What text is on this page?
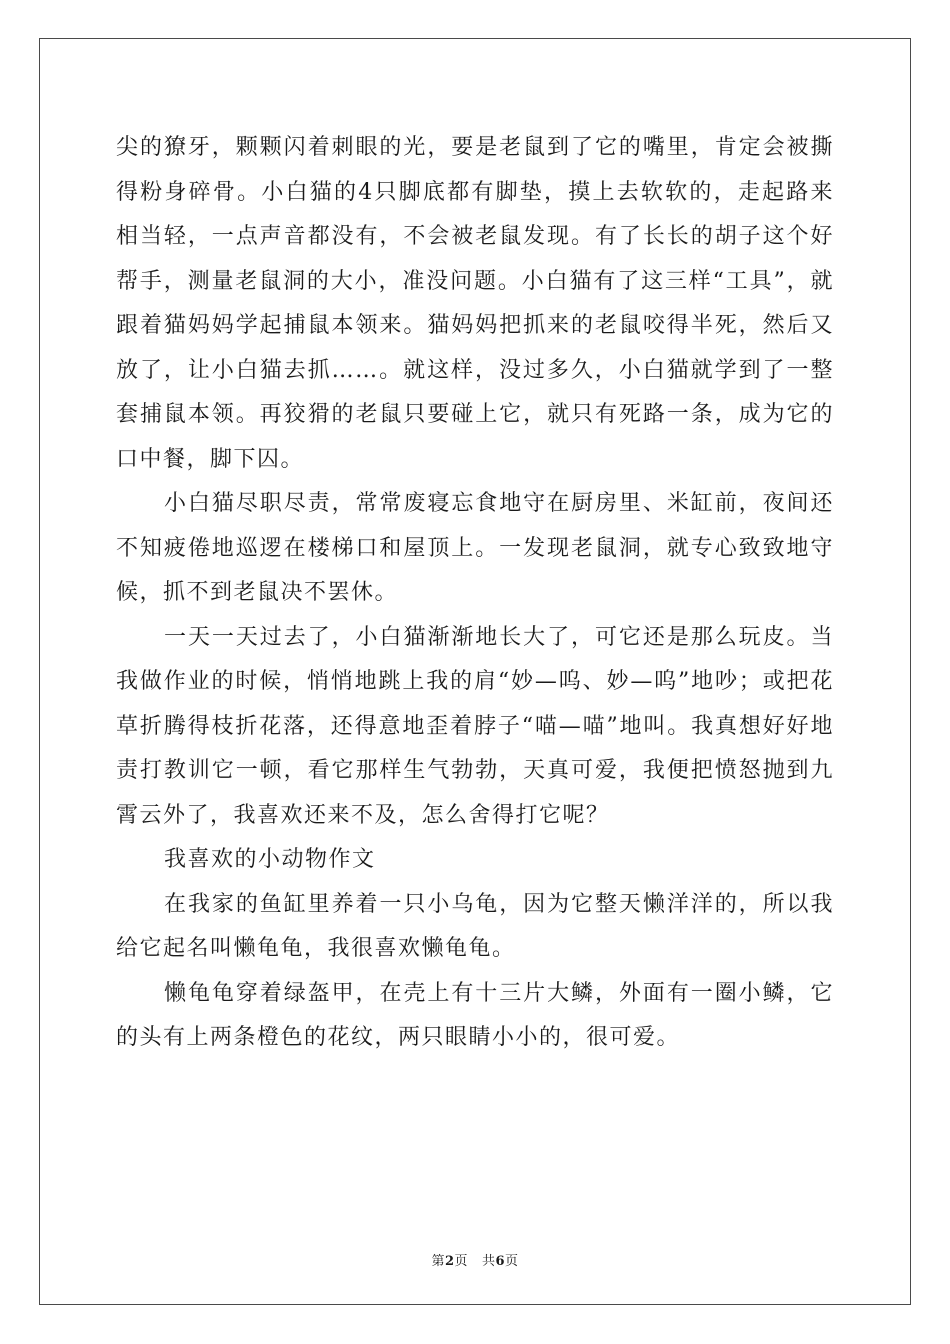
尖的獠牙，颗颗闪着刺眼的光，要是老鼠到了它的嘴里，肯定会被撕得粉身碎骨。小白猫的4只脚底都有脚垫，摸上去软软的，走起路来相当轻，一点声音都没有，不会被老鼠发现。有了长长的胡子这个好帮手，测量老鼠洞的大小，准没问题。小白猫有了这三样“工具”，就跟着猫妈妈学起捕鼠本领来。猫妈妈把抓来的老鼠咬得半死，然后又放了，让小白猫去抓……。就这样，没过多久，小白猫就学到了一整套捕鼠本领。再狡猾的老鼠只要碰上它，就只有死路一条，成为它的口中餐，脚下囚。

小白猫尽职尽责，常常废寝忘食地守在厨房里、米缸前，夜间还不知疲倦地巡逻在楼梯口和屋顶上。一发现老鼠洞，就专心致致地守候，抓不到老鼠决不罢休。

一天一天过去了，小白猫渐渐地长大了，可它还是那么玩皮。当我做作业的时候，悄悄地跳上我的肩“妙—呜、妙—呜”地吵；或把花草折腾得枝折花落，还得意地歪着脖子“喵—喵”地叫。我真想好好地责打教训它一顿，看它那样生气勃勃，天真可爱，我便把愤怒抛到九霄云外了，我喜欢还来不及，怎么舍得打它呢？

我喜欢的小动物作文

在我家的鱼缸里养着一只小乌龟，因为它整天懒洋洋的，所以我给它起名叫懒龟龟，我很喜欢懒龟龟。

懒龟龟穿着绿盔甲，在壳上有十三片大鳞，外面有一圈小鳞，它的头有上两条橙色的花纹，两只眼睛小小的，很可爱。

第2页 共6页
